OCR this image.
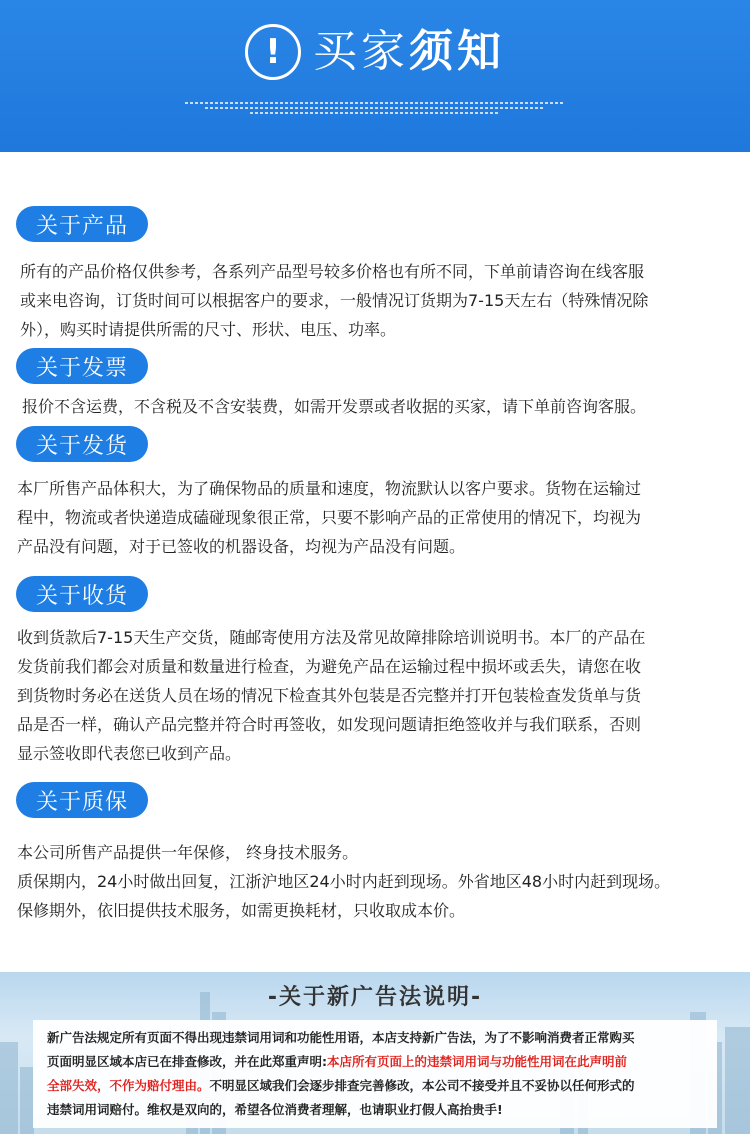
! 买家须知
关于产品
所有的产品价格仅供参考，各系列产品型号较多价格也有所不同，下单前请咨询在线客服
或来电咨询，订货时间可以根据客户的要求，一般情况订货期为7-15天左右（特殊情况除
外），购买时请提供所需的尺寸、形状、电压、功率。
关于发票
报价不含运费，不含税及不含安装费，如需开发票或者收据的买家，请下单前咨询客服。
关于发货
本厂所售产品体积大，为了确保物品的质量和速度，物流默认以客户要求。货物在运输过
程中，物流或者快递造成磕碰现象很正常，只要不影响产品的正常使用的情况下，均视为
产品没有问题，对于已签收的机器设备，均视为产品没有问题。
关于收货
收到货款后7-15天生产交货，随邮寄使用方法及常见故障排除培训说明书。本厂的产品在
发货前我们都会对质量和数量进行检查，为避免产品在运输过程中损坏或丢失，请您在收
到货物时务必在送货人员在场的情况下检查其外包装是否完整并打开包装检查发货单与货
品是否一样，确认产品完整并符合时再签收，如发现问题请拒绝签收并与我们联系，否则
显示签收即代表您已收到产品。
关于质保
本公司所售产品提供一年保修， 终身技术服务。
质保期内，24小时做出回复，江浙沪地区24小时内赶到现场。外省地区48小时内赶到现场。
保修期外，依旧提供技术服务，如需更换耗材，只收取成本价。
-关于新广告法说明-
新广告法规定所有页面不得出现违禁词用词和功能性用语，本店支持新广告法，为了不影响消费者正常购买
页面明显区域本店已在排查修改，并在此郑重声明:本店所有页面上的违禁词用词与功能性用词在此声明前
全部失效，不作为赔付理由。不明显区域我们会逐步排查完善修改，本公司不接受并且不妥协以任何形式的
违禁词用词赔付。维权是双向的，希望各位消费者理解，也请职业打假人高抬贵手!
